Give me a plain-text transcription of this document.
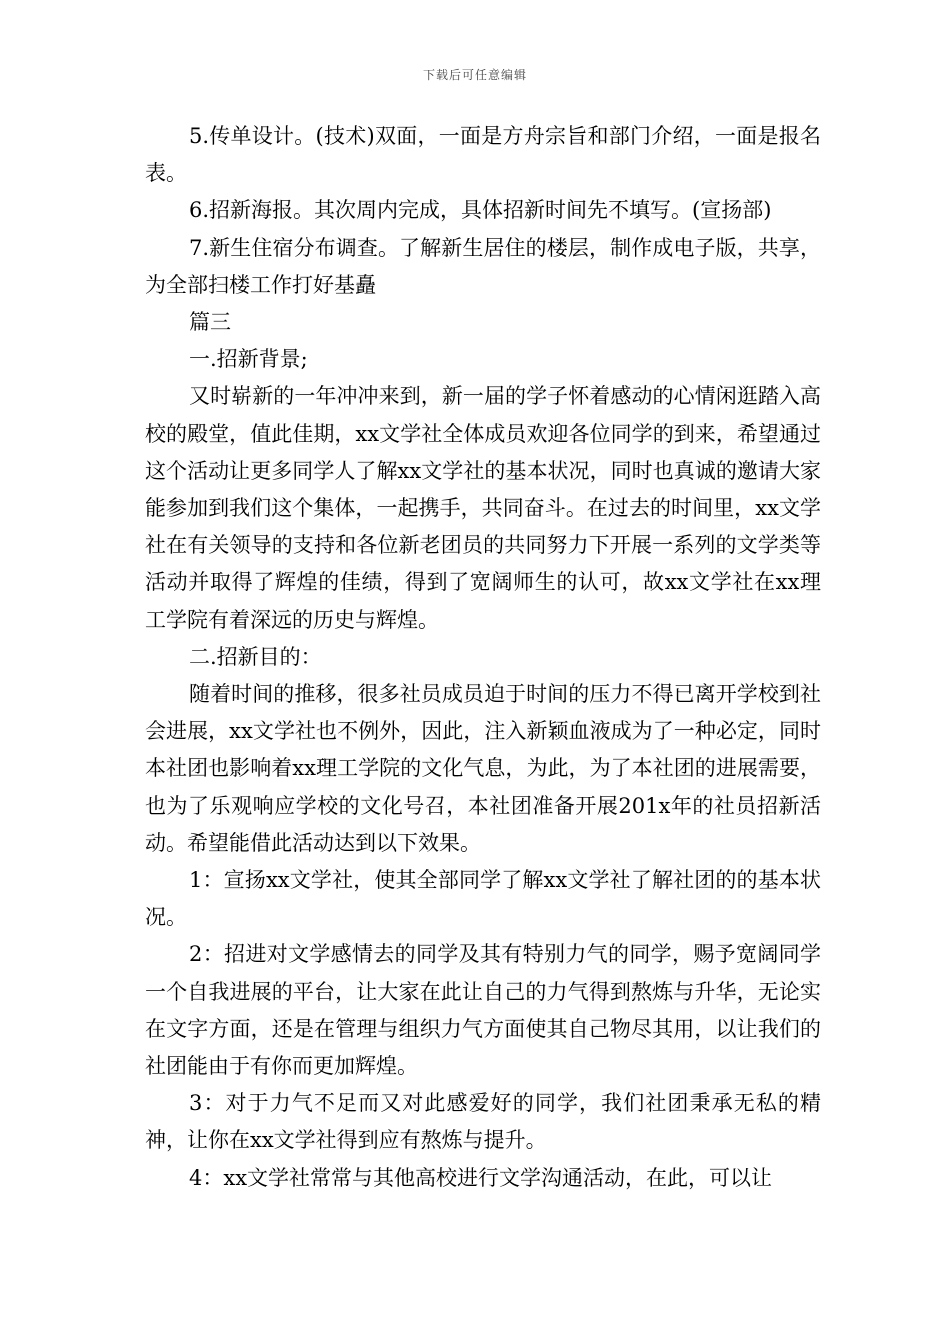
下载后可任意编辑

5.传单设计。(技术)双面，一面是方舟宗旨和部门介绍，一面是报名表。

6.招新海报。其次周内完成，具体招新时间先不填写。(宣扬部)

7.新生住宿分布调查。了解新生居住的楼层，制作成电子版，共享，为全部扫楼工作打好基矗

篇三

一.招新背景;

又时崭新的一年冲冲来到，新一届的学子怀着感动的心情闲逛踏入高校的殿堂，值此佳期，xx文学社全体成员欢迎各位同学的到来，希望通过这个活动让更多同学人了解xx文学社的基本状况，同时也真诚的邀请大家能参加到我们这个集体，一起携手，共同奋斗。在过去的时间里，xx文学社在有关领导的支持和各位新老团员的共同努力下开展一系列的文学类等活动并取得了辉煌的佳绩，得到了宽阔师生的认可，故xx文学社在xx理工学院有着深远的历史与辉煌。

二.招新目的：

随着时间的推移，很多社员成员迫于时间的压力不得已离开学校到社会进展，xx文学社也不例外，因此，注入新颖血液成为了一种必定，同时本社团也影响着xx理工学院的文化气息，为此，为了本社团的进展需要，也为了乐观响应学校的文化号召，本社团准备开展201x年的社员招新活动。希望能借此活动达到以下效果。

1：宣扬xx文学社，使其全部同学了解xx文学社了解社团的的基本状况。

2：招进对文学感情去的同学及其有特别力气的同学，赐予宽阔同学一个自我进展的平台，让大家在此让自己的力气得到熬炼与升华，无论实在文字方面，还是在管理与组织力气方面使其自己物尽其用，以让我们的社团能由于有你而更加辉煌。

3：对于力气不足而又对此感爱好的同学，我们社团秉承无私的精神，让你在xx文学社得到应有熬炼与提升。

4：xx文学社常常与其他高校进行文学沟通活动，在此，可以让
